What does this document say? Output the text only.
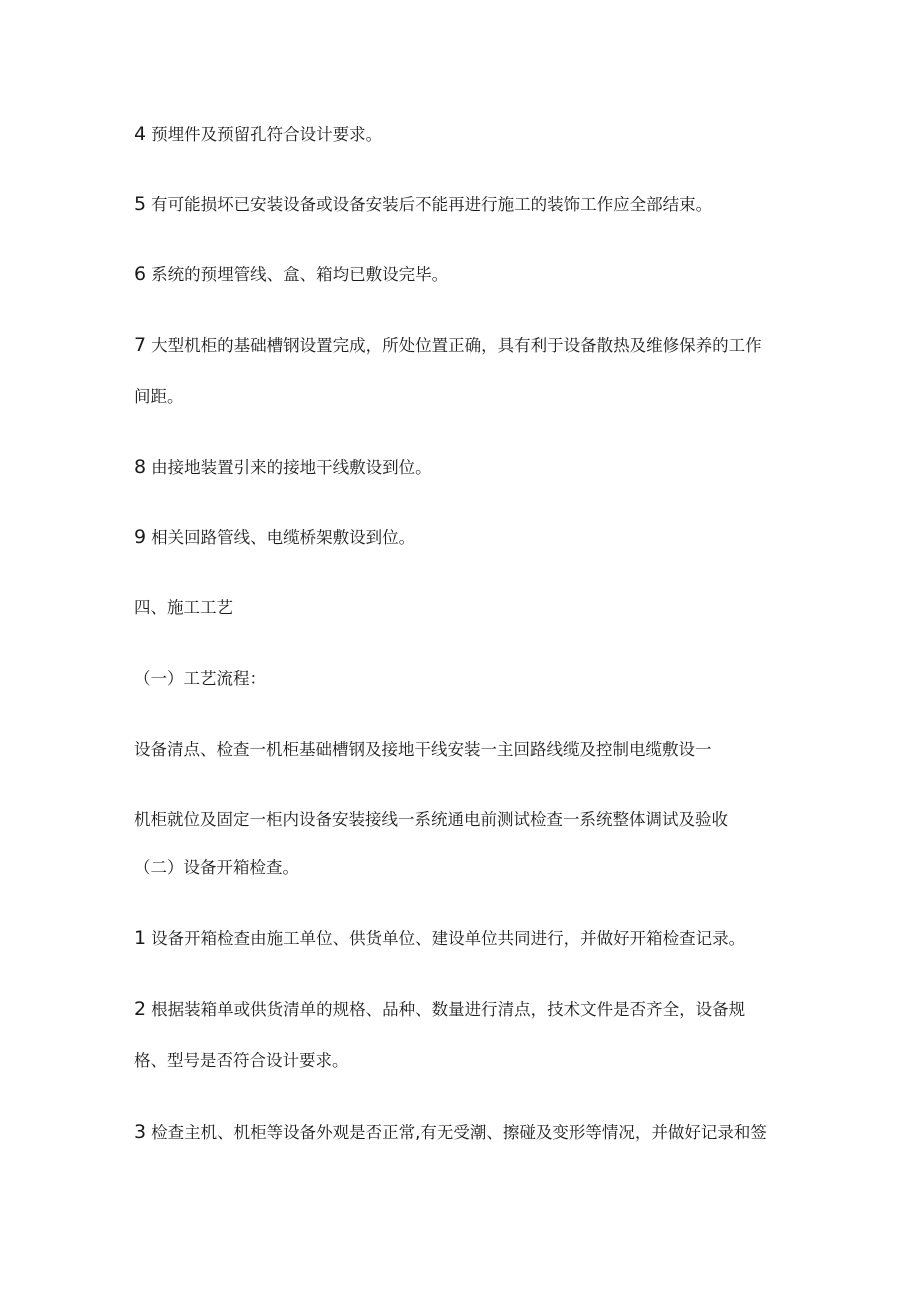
4 预埋件及预留孔符合设计要求。
5 有可能损坏已安装设备或设备安装后不能再进行施工的装饰工作应全部结束。
6 系统的预埋管线、盒、箱均已敷设完毕。
7 大型机柜的基础槽钢设置完成，所处位置正确，具有利于设备散热及维修保养的工作
间距。
8 由接地装置引来的接地干线敷设到位。
9 相关回路管线、电缆桥架敷设到位。
四、施工工艺
（一）工艺流程：
设备清点、检查一机柜基础槽钢及接地干线安装一主回路线缆及控制电缆敷设一
机柜就位及固定一柜内设备安装接线一系统通电前测试检查一系统整体调试及验收
（二）设备开箱检查。
1 设备开箱检查由施工单位、供货单位、建设单位共同进行，并做好开箱检查记录。
2 根据装箱单或供货清单的规格、品种、数量进行清点，技术文件是否齐全，设备规
格、型号是否符合设计要求。
3 检查主机、机柜等设备外观是否正常,有无受潮、擦碰及变形等情况，并做好记录和签
